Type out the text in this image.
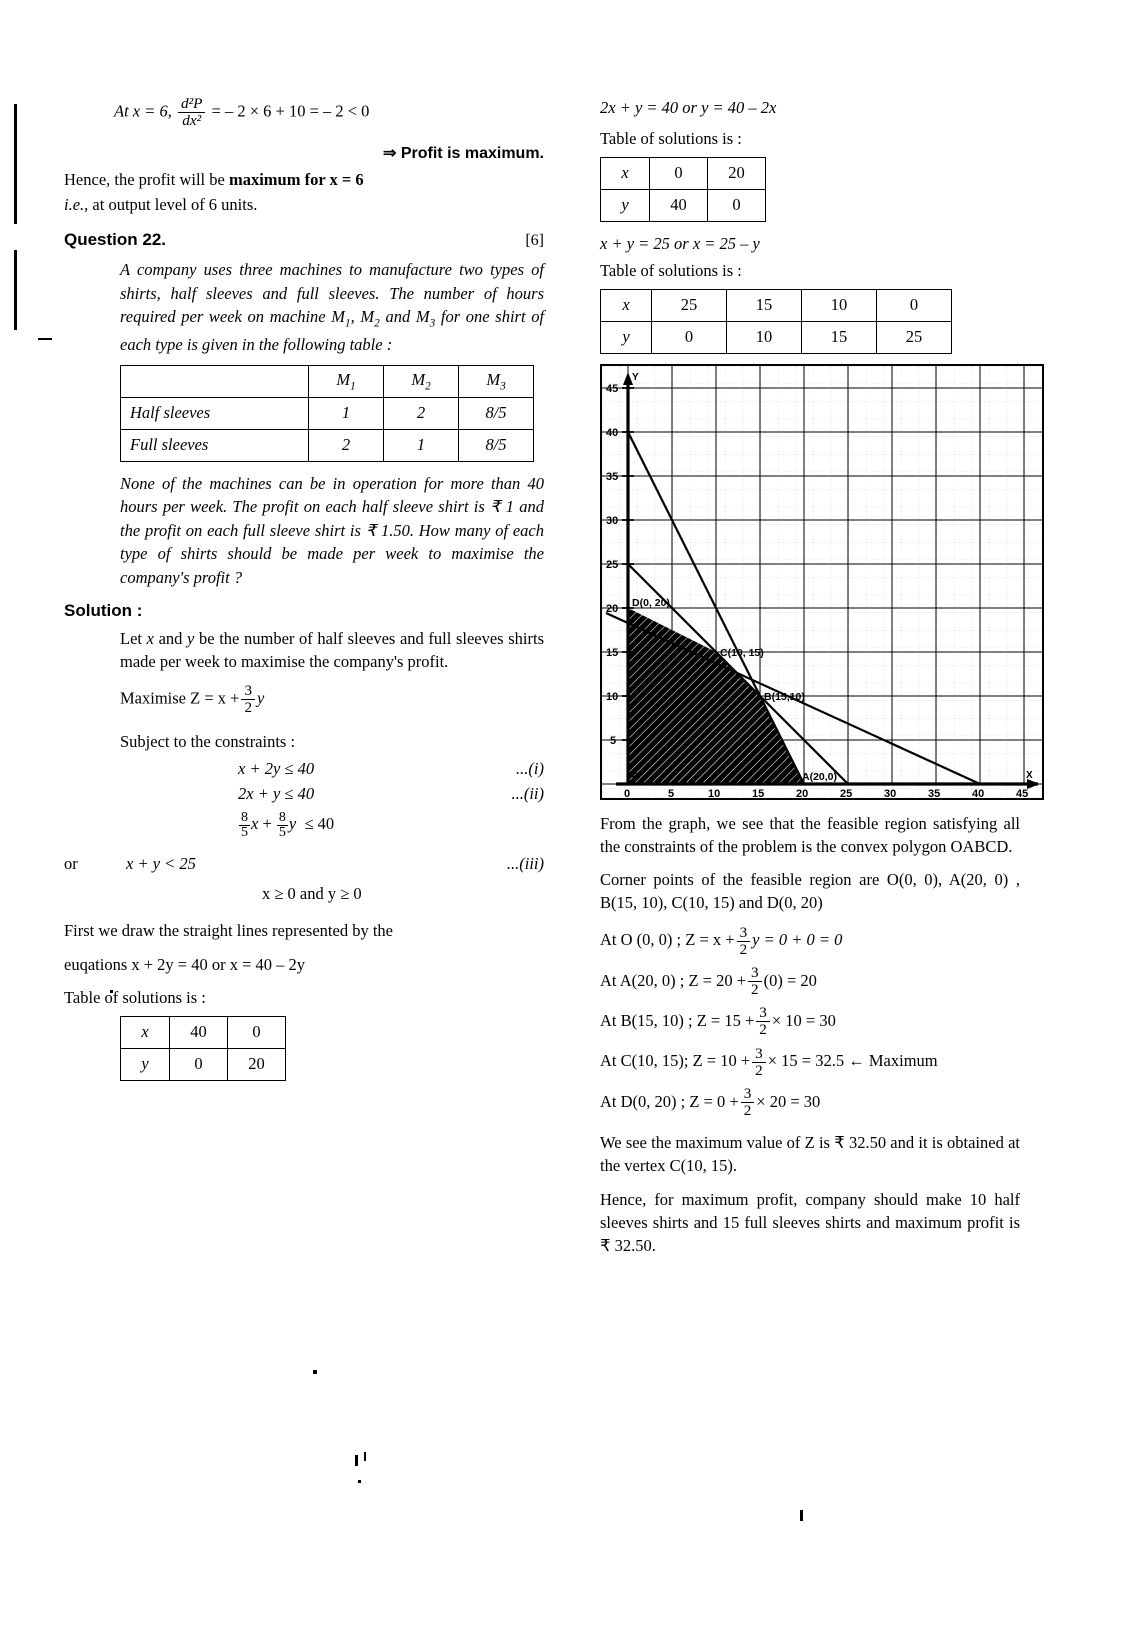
At x = 6, $\frac{\text{d²P}}{\text{dx²}}$ = – 2 × 6 + 10 = – 2 < 0
⇒ Profit is maximum.
Hence, the profit will be maximum for x = 6
i.e., at output level of 6 units.
Question 22.	[6]
A company uses three machines to manufacture two types of shirts, half sleeves and full sleeves. The number of hours required per week on machine $M_1$, $M_2$ and $M_3$ for one shirt of each type is given in the following table :
	$M_1$	$M_2$	$M_3$
Half sleeves	1	2	8/5
Full sleeves	2	1	8/5
None of the machines can be in operation for more than 40 hours per week. The profit on each half sleeve shirt is ₹ 1 and the profit on each full sleeve shirt is ₹ 1.50. How many of each type of shirts should be made per week to maximise the company's profit ?
Solution :
Let x and y be the number of half sleeves and full sleeves shirts made per week to maximise the company's profit.
Maximise $Z = x + \frac{3}{2}$ y
Subject to the constraints :
x + 2y ≤ 40	...(i)
2x + y ≤ 40	...(ii)
$\frac{8}{5}$ $x + \frac{8}{5}$ y  ≤ 40
or	x + y < 25	...(iii)
x ≥ 0 and y ≥ 0
First we draw the straight lines represented by the
euqations x + 2y = 40 or x = 40 – 2y
Table of solutions is :
x	40	0
y	0	20
2x + y = 40 or y = 40 – 2x
Table of solutions is :
x	0	20
y	40	0
x + y = 25 or x = 25 – y
Table of solutions is :
x	25	15	10	0
y	0	10	15	25
5
10
15
20
25
30
35
40
45
0	5	10	15	20	25	30	35	40	45
Y
X
D(0, 20)
C(10, 15)
B(15,10)
A(20,0)
O
From the graph, we see that the feasible region satisfying all the constraints of the problem is the convex polygon OABCD.
Corner points of the feasible region are O(0, 0), A(20, 0) , B(15, 10), C(10, 15) and D(0, 20)
At O (0, 0) ; $Z = x + \frac{3}{2}$ y = 0 + 0 = 0
At A(20, 0) ; $Z = 20 + \frac{3}{2} (0) = 20$
At B(15, 10) ; $Z = 15 + \frac{3}{2} \times 10 = 30$
At C(10, 15); $Z = 10 + \frac{3}{2} \times 15 = 32.5$ ← Maximum
At D(0, 20) ; $Z = 0 + \frac{3}{2} \times 20 = 30$
We see the maximum value of Z is ₹ 32.50 and it is obtained at the vertex C(10, 15).
Hence, for maximum profit, company should make 10 half sleeves shirts and 15 full sleeves shirts and maximum profit is ₹ 32.50.
